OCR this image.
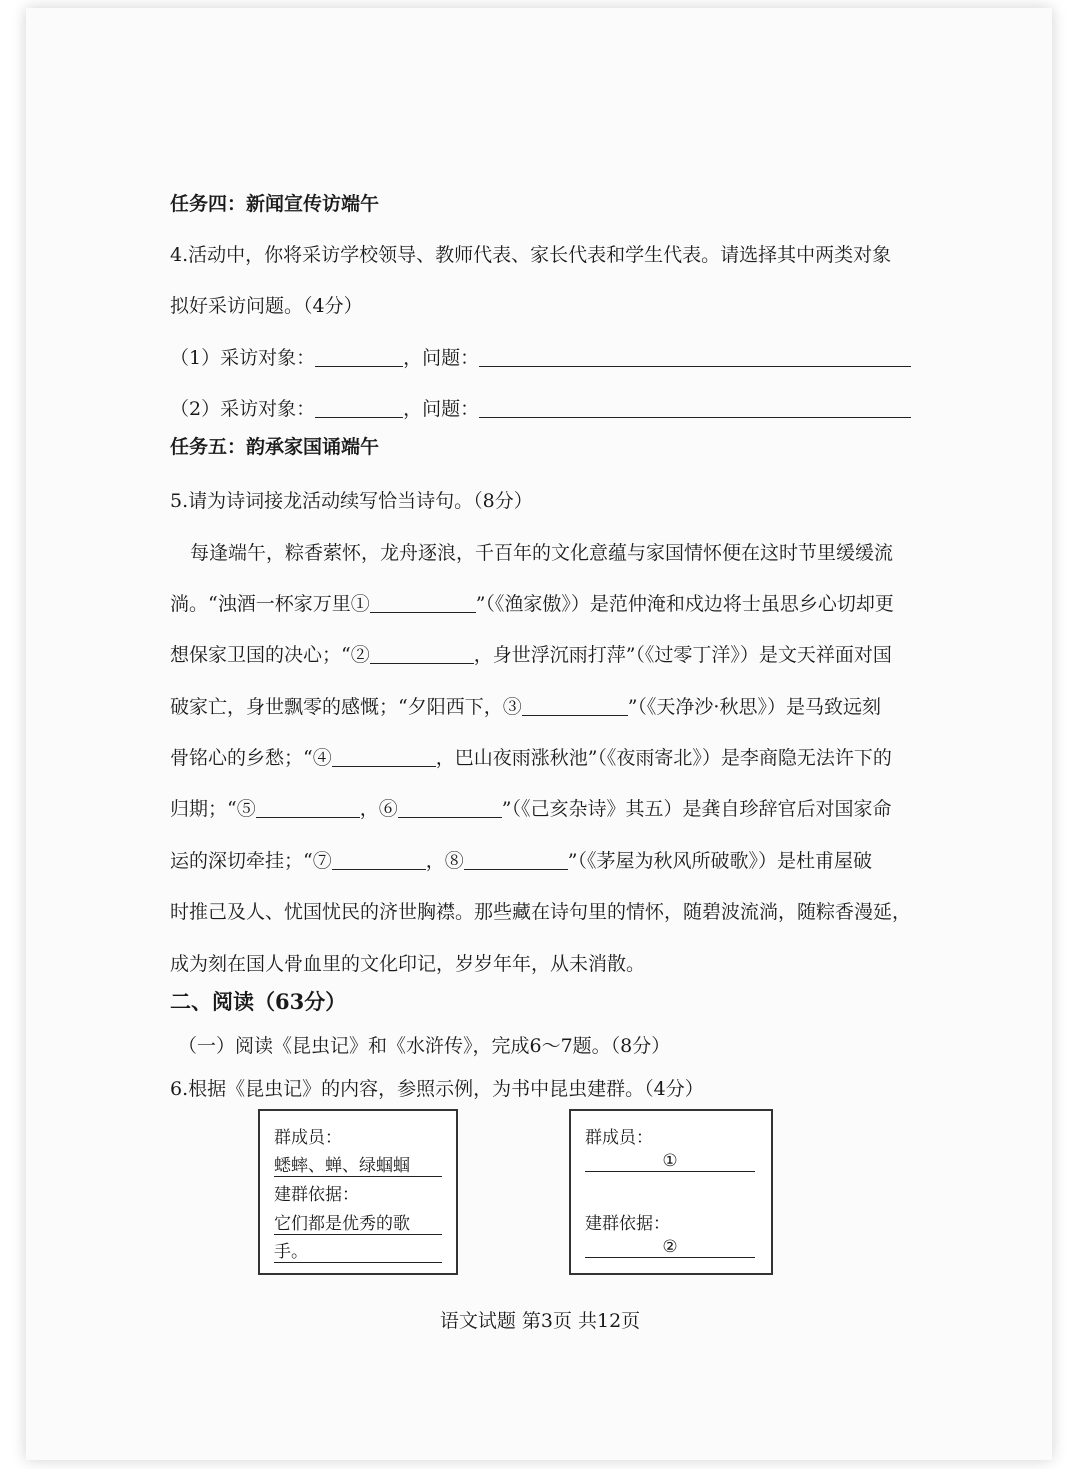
任务四：新闻宣传访端午
4.活动中，你将采访学校领导、教师代表、家长代表和学生代表。请选择其中两类对象
拟好采访问题。（4分）
（1）采访对象：	，问题：
（2）采访对象：	，问题：
任务五：韵承家国诵端午
5.请为诗词接龙活动续写恰当诗句。（8分）
每逢端午，粽香萦怀，龙舟逐浪，千百年的文化意蕴与家国情怀便在这时节里缓缓流
淌。“浊酒一杯家万里①	”（《渔家傲》）是范仲淹和戍边将士虽思乡心切却更
想保家卫国的决心；“②	，身世浮沉雨打萍”（《过零丁洋》）是文天祥面对国
破家亡，身世飘零的感慨；“夕阳西下，③	”（《天净沙·秋思》）是马致远刻
骨铭心的乡愁；“④	，巴山夜雨涨秋池”（《夜雨寄北》）是李商隐无法许下的
归期；“⑤	，⑥	”（《己亥杂诗》其五）是龚自珍辞官后对国家命
运的深切牵挂；“⑦	，⑧	”（《茅屋为秋风所破歌》）是杜甫屋破
时推己及人、忧国忧民的济世胸襟。那些藏在诗句里的情怀，随碧波流淌，随粽香漫延，
成为刻在国人骨血里的文化印记，岁岁年年，从未消散。
二、阅读（63分）
（一）阅读《昆虫记》和《水浒传》，完成6～7题。（8分）
6.根据《昆虫记》的内容，参照示例，为书中昆虫建群。（4分）
群成员：
蟋蟀、蝉、绿蝈蝈
建群依据：
它们都是优秀的歌
手。
群成员：
①
建群依据：
②
语文试题 第3页 共12页
